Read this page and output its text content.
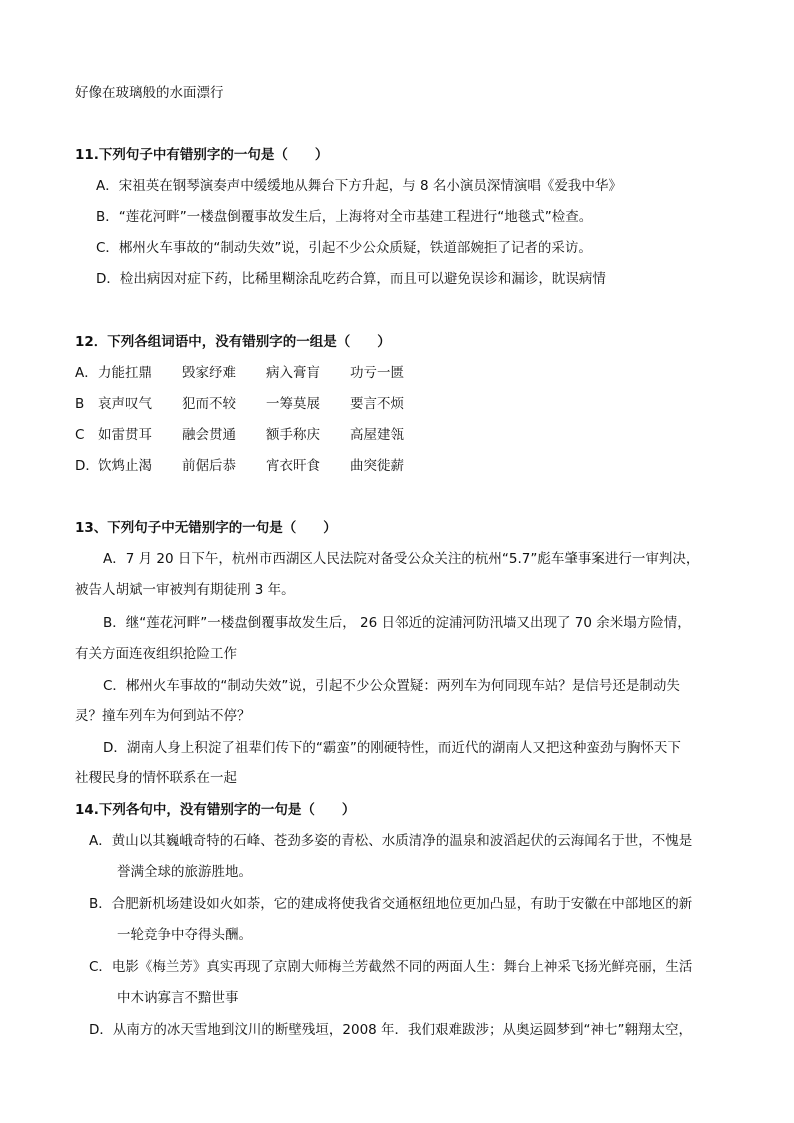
好像在玻璃般的水面漂行
11.下列句子中有错别字的一句是（　　）
A．宋祖英在钢琴演奏声中缓缓地从舞台下方升起，与 8 名小演员深情演唱《爱我中华》
B．“莲花河畔”一楼盘倒覆事故发生后，上海将对全市基建工程进行“地毯式”检查。
C．郴州火车事故的“制动失效”说，引起不少公众质疑，铁道部婉拒了记者的采访。
D．检出病因对症下药，比稀里糊涂乱吃药合算，而且可以避免误诊和漏诊，眈误病情
12．下列各组词语中，没有错别字的一组是（　　）
A．力能扛鼎 毁家纾难 病入膏肓 功亏一匮
B 哀声叹气 犯而不较 一筹莫展 要言不烦
C 如雷贯耳 融会贯通 额手称庆 高屋建瓴
D．饮鸩止渴 前倨后恭 宵衣旰食 曲突徙薪
13、下列句子中无错别字的一句是（　　）
A．7 月 20 日下午，杭州市西湖区人民法院对备受公众关注的杭州“5.7”彪车肇事案进行一审判决，
被告人胡斌一审被判有期徒刑 3 年。
B．继“莲花河畔”一楼盘倒覆事故发生后， 26 日邻近的淀浦河防汛墙又出现了 70 余米塌方险情，
有关方面连夜组织抢险工作
C．郴州火车事故的“制动失效”说，引起不少公众置疑：两列车为何同现车站？是信号还是制动失
灵？撞车列车为何到站不停？
D．湖南人身上积淀了祖辈们传下的“霸蛮”的刚硬特性，而近代的湖南人又把这种蛮劲与胸怀天下
社稷民身的情怀联系在一起
14.下列各句中，没有错别字的一句是（　　）
A．黄山以其巍峨奇特的石峰、苍劲多姿的青松、水质清净的温泉和波滔起伏的云海闻名于世，不愧是
誉满全球的旅游胜地。
B．合肥新机场建设如火如荼，它的建成将使我省交通枢纽地位更加凸显，有助于安徽在中部地区的新
一轮竞争中夺得头酬。
C．电影《梅兰芳》真实再现了京剧大师梅兰芳截然不同的两面人生：舞台上神采飞扬光鲜亮丽，生活
中木讷寡言不黯世事
D．从南方的冰天雪地到汶川的断壁残垣，2008 年．我们艰难跋涉；从奥运圆梦到“神七”翱翔太空，
